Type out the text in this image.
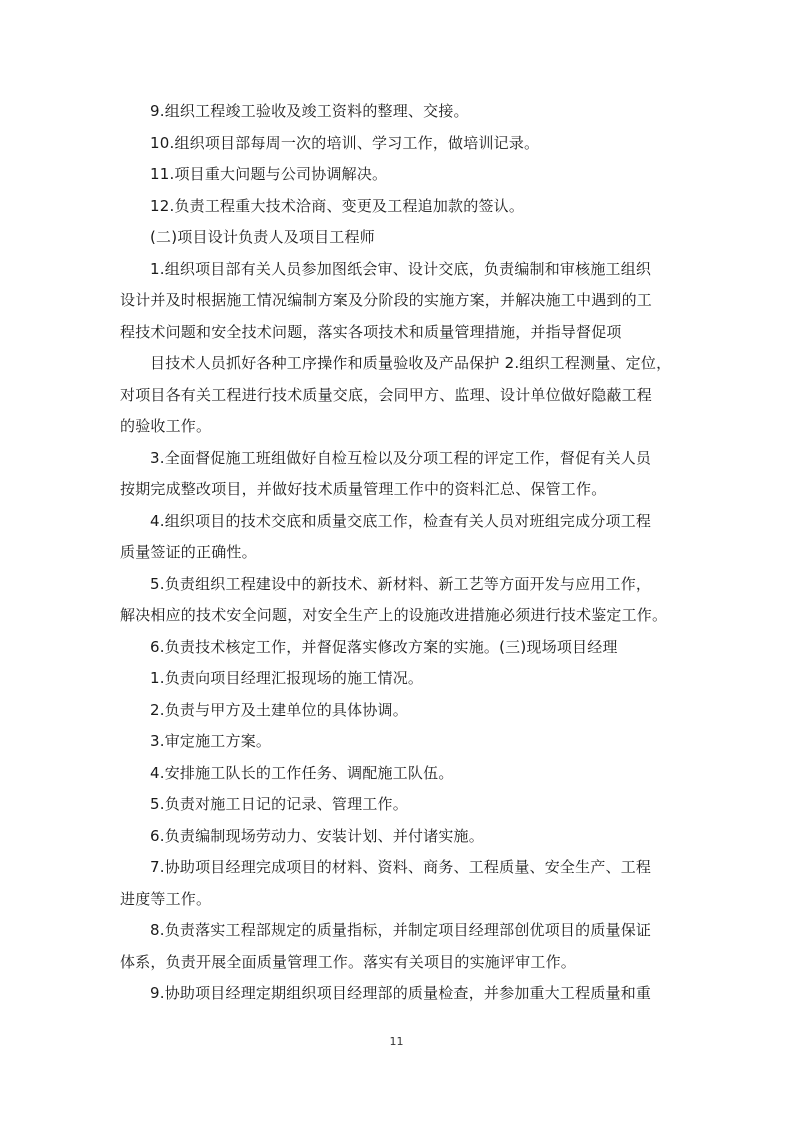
9.组织工程竣工验收及竣工资料的整理、交接。
10.组织项目部每周一次的培训、学习工作，做培训记录。
11.项目重大问题与公司协调解决。
12.负责工程重大技术洽商、变更及工程追加款的签认。
(二)项目设计负责人及项目工程师
1.组织项目部有关人员参加图纸会审、设计交底，负责编制和审核施工组织
设计并及时根据施工情况编制方案及分阶段的实施方案，并解决施工中遇到的工
程技术问题和安全技术问题，落实各项技术和质量管理措施，并指导督促项
目技术人员抓好各种工序操作和质量验收及产品保护 2.组织工程测量、定位，
对项目各有关工程进行技术质量交底，会同甲方、监理、设计单位做好隐蔽工程
的验收工作。
3.全面督促施工班组做好自检互检以及分项工程的评定工作，督促有关人员
按期完成整改项目，并做好技术质量管理工作中的资料汇总、保管工作。
4.组织项目的技术交底和质量交底工作，检查有关人员对班组完成分项工程
质量签证的正确性。
5.负责组织工程建设中的新技术、新材料、新工艺等方面开发与应用工作，
解决相应的技术安全问题，对安全生产上的设施改进措施必须进行技术鉴定工作。
6.负责技术核定工作，并督促落实修改方案的实施。(三)现场项目经理
1.负责向项目经理汇报现场的施工情况。
2.负责与甲方及土建单位的具体协调。
3.审定施工方案。
4.安排施工队长的工作任务、调配施工队伍。
5.负责对施工日记的记录、管理工作。
6.负责编制现场劳动力、安装计划、并付诸实施。
7.协助项目经理完成项目的材料、资料、商务、工程质量、安全生产、工程
进度等工作。
8.负责落实工程部规定的质量指标，并制定项目经理部创优项目的质量保证
体系，负责开展全面质量管理工作。落实有关项目的实施评审工作。
9.协助项目经理定期组织项目经理部的质量检查，并参加重大工程质量和重
11
